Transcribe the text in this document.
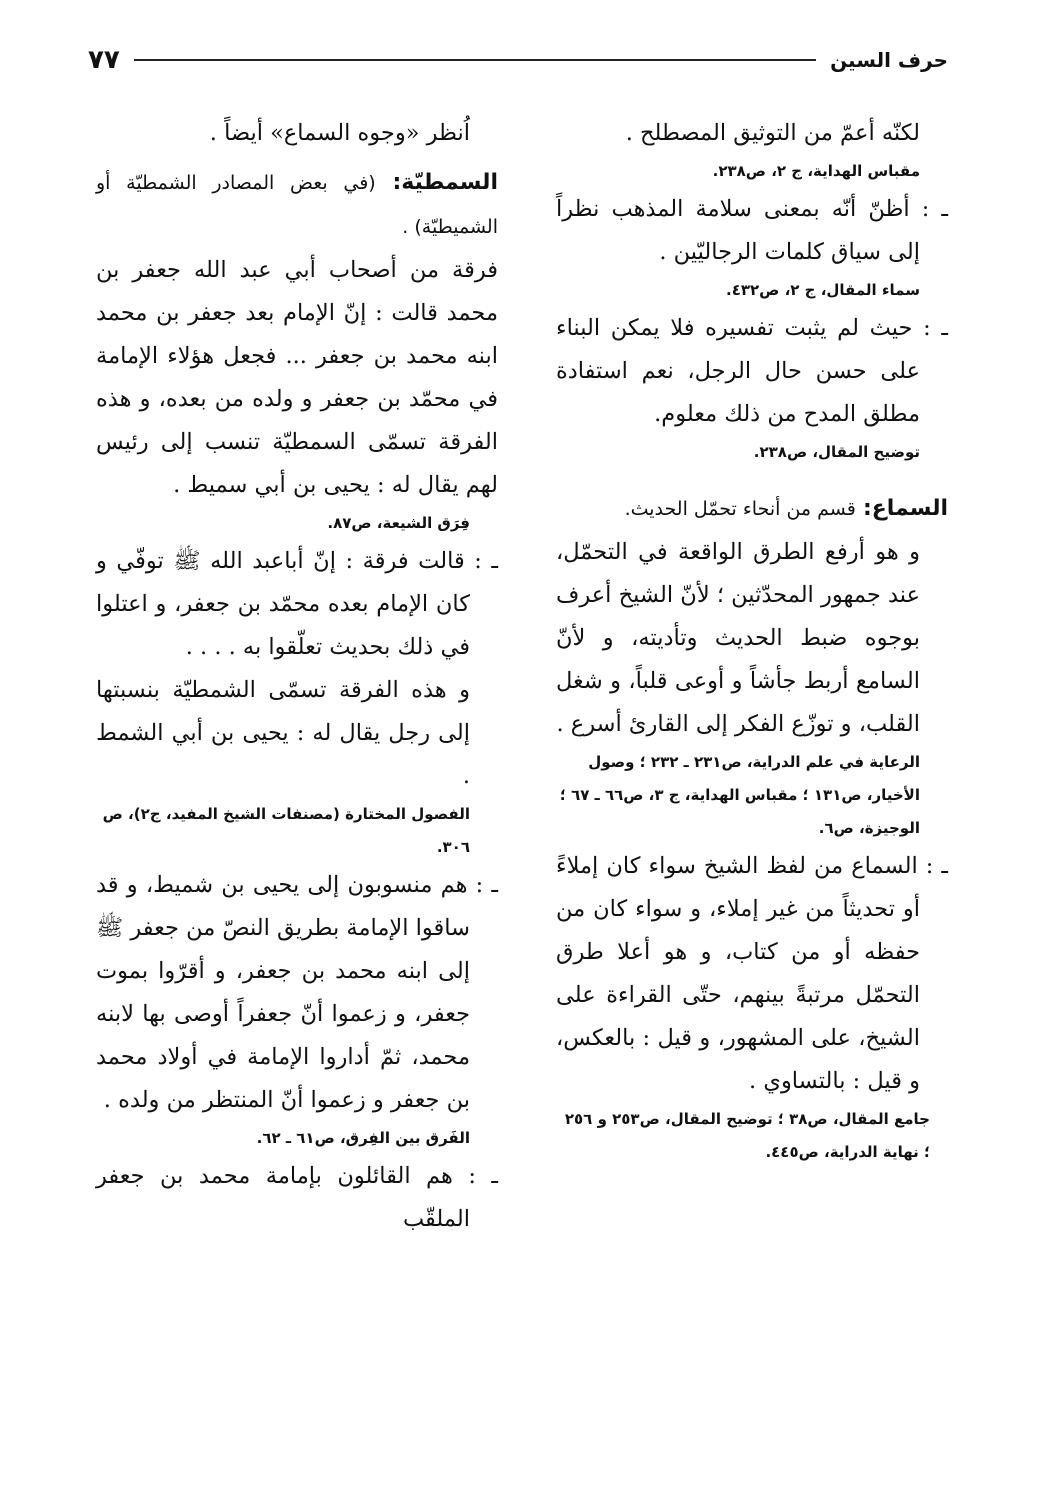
حرف السين
٧٧

لكنّه أعمّ من التوثيق المصطلح .

مقباس الهداية، ج ٢، ص٢٣٨.

ـ : أظنّ أنّه بمعنى سلامة المذهب نظراً إلى سياق كلمات الرجاليّين .

سماء المقال، ج ٢، ص٤٣٢.

ـ : حيث لم يثبت تفسيره فلا يمكن البناء على حسن حال الرجل، نعم استفادة مطلق المدح من ذلك معلوم.

توضيح المقال، ص٢٣٨.

السماع: قسم من أنحاء تحمّل الحديث.

و هو أرفع الطرق الواقعة في التحمّل، عند جمهور المحدّثين ؛ لأنّ الشيخ أعرف بوجوه ضبط الحديث وتأديته، و لأنّ السامع أربط جأشاً و أوعى قلباً، و شغل القلب، و توزّع الفكر إلى القارئ أسرع .

الرعاية في علم الدراية، ص٢٣١ ـ ٢٣٢ ؛ وصول الأخيار، ص١٣١ ؛ مقباس الهداية، ج ٣، ص٦٦ ـ ٦٧ ؛ الوجيزة، ص٦.

ـ : السماع من لفظ الشيخ سواء كان إملاءً أو تحديثاً من غير إملاء، و سواء كان من حفظه أو من كتاب، و هو أعلا طرق التحمّل مرتبةً بينهم، حتّى القراءة على الشيخ، على المشهور، و قيل : بالعكس، و قيل : بالتساوي .

جامع المقال، ص٣٨ ؛ توضيح المقال، ص٢٥٣ و ٢٥٦ ؛ نهاية الدراية، ص٤٤٥.

اُنظر «وجوه السماع» أيضاً .

السمطيّة: (في بعض المصادر الشمطيّة أو الشميطيّة) .

فرقة من أصحاب أبي عبد الله جعفر بن محمد قالت : إنّ الإمام بعد جعفر بن محمد ابنه محمد بن جعفر ... فجعل هؤلاء الإمامة في محمّد بن جعفر و ولده من بعده، و هذه الفرقة تسمّى السمطيّة تنسب إلى رئيس لهم يقال له : يحيى بن أبي سميط .

فِرَق الشيعة، ص٨٧.

ـ : قالت فرقة : إنّ أباعبد الله ﷺ توفّي و كان الإمام بعده محمّد بن جعفر، و اعتلوا في ذلك بحديث تعلّقوا به . . . .

و هذه الفرقة تسمّى الشمطيّة بنسبتها إلى رجل يقال له : يحيى بن أبي الشمط .

الفصول المختارة (مصنفات الشيخ المفيد، ج٢)، ص ٣٠٦.

ـ : هم منسوبون إلى يحيى بن شميط، و قد ساقوا الإمامة بطريق النصّ من جعفر ﷺ إلى ابنه محمد بن جعفر، و أقرّوا بموت جعفر، و زعموا أنّ جعفراً أوصى بها لابنه محمد، ثمّ أداروا الإمامة في أولاد محمد بن جعفر و زعموا أنّ المنتظر من ولده .

الفَرق بين الفِرق، ص٦١ ـ ٦٢.

ـ : هم القائلون بإمامة محمد بن جعفر الملقّب
